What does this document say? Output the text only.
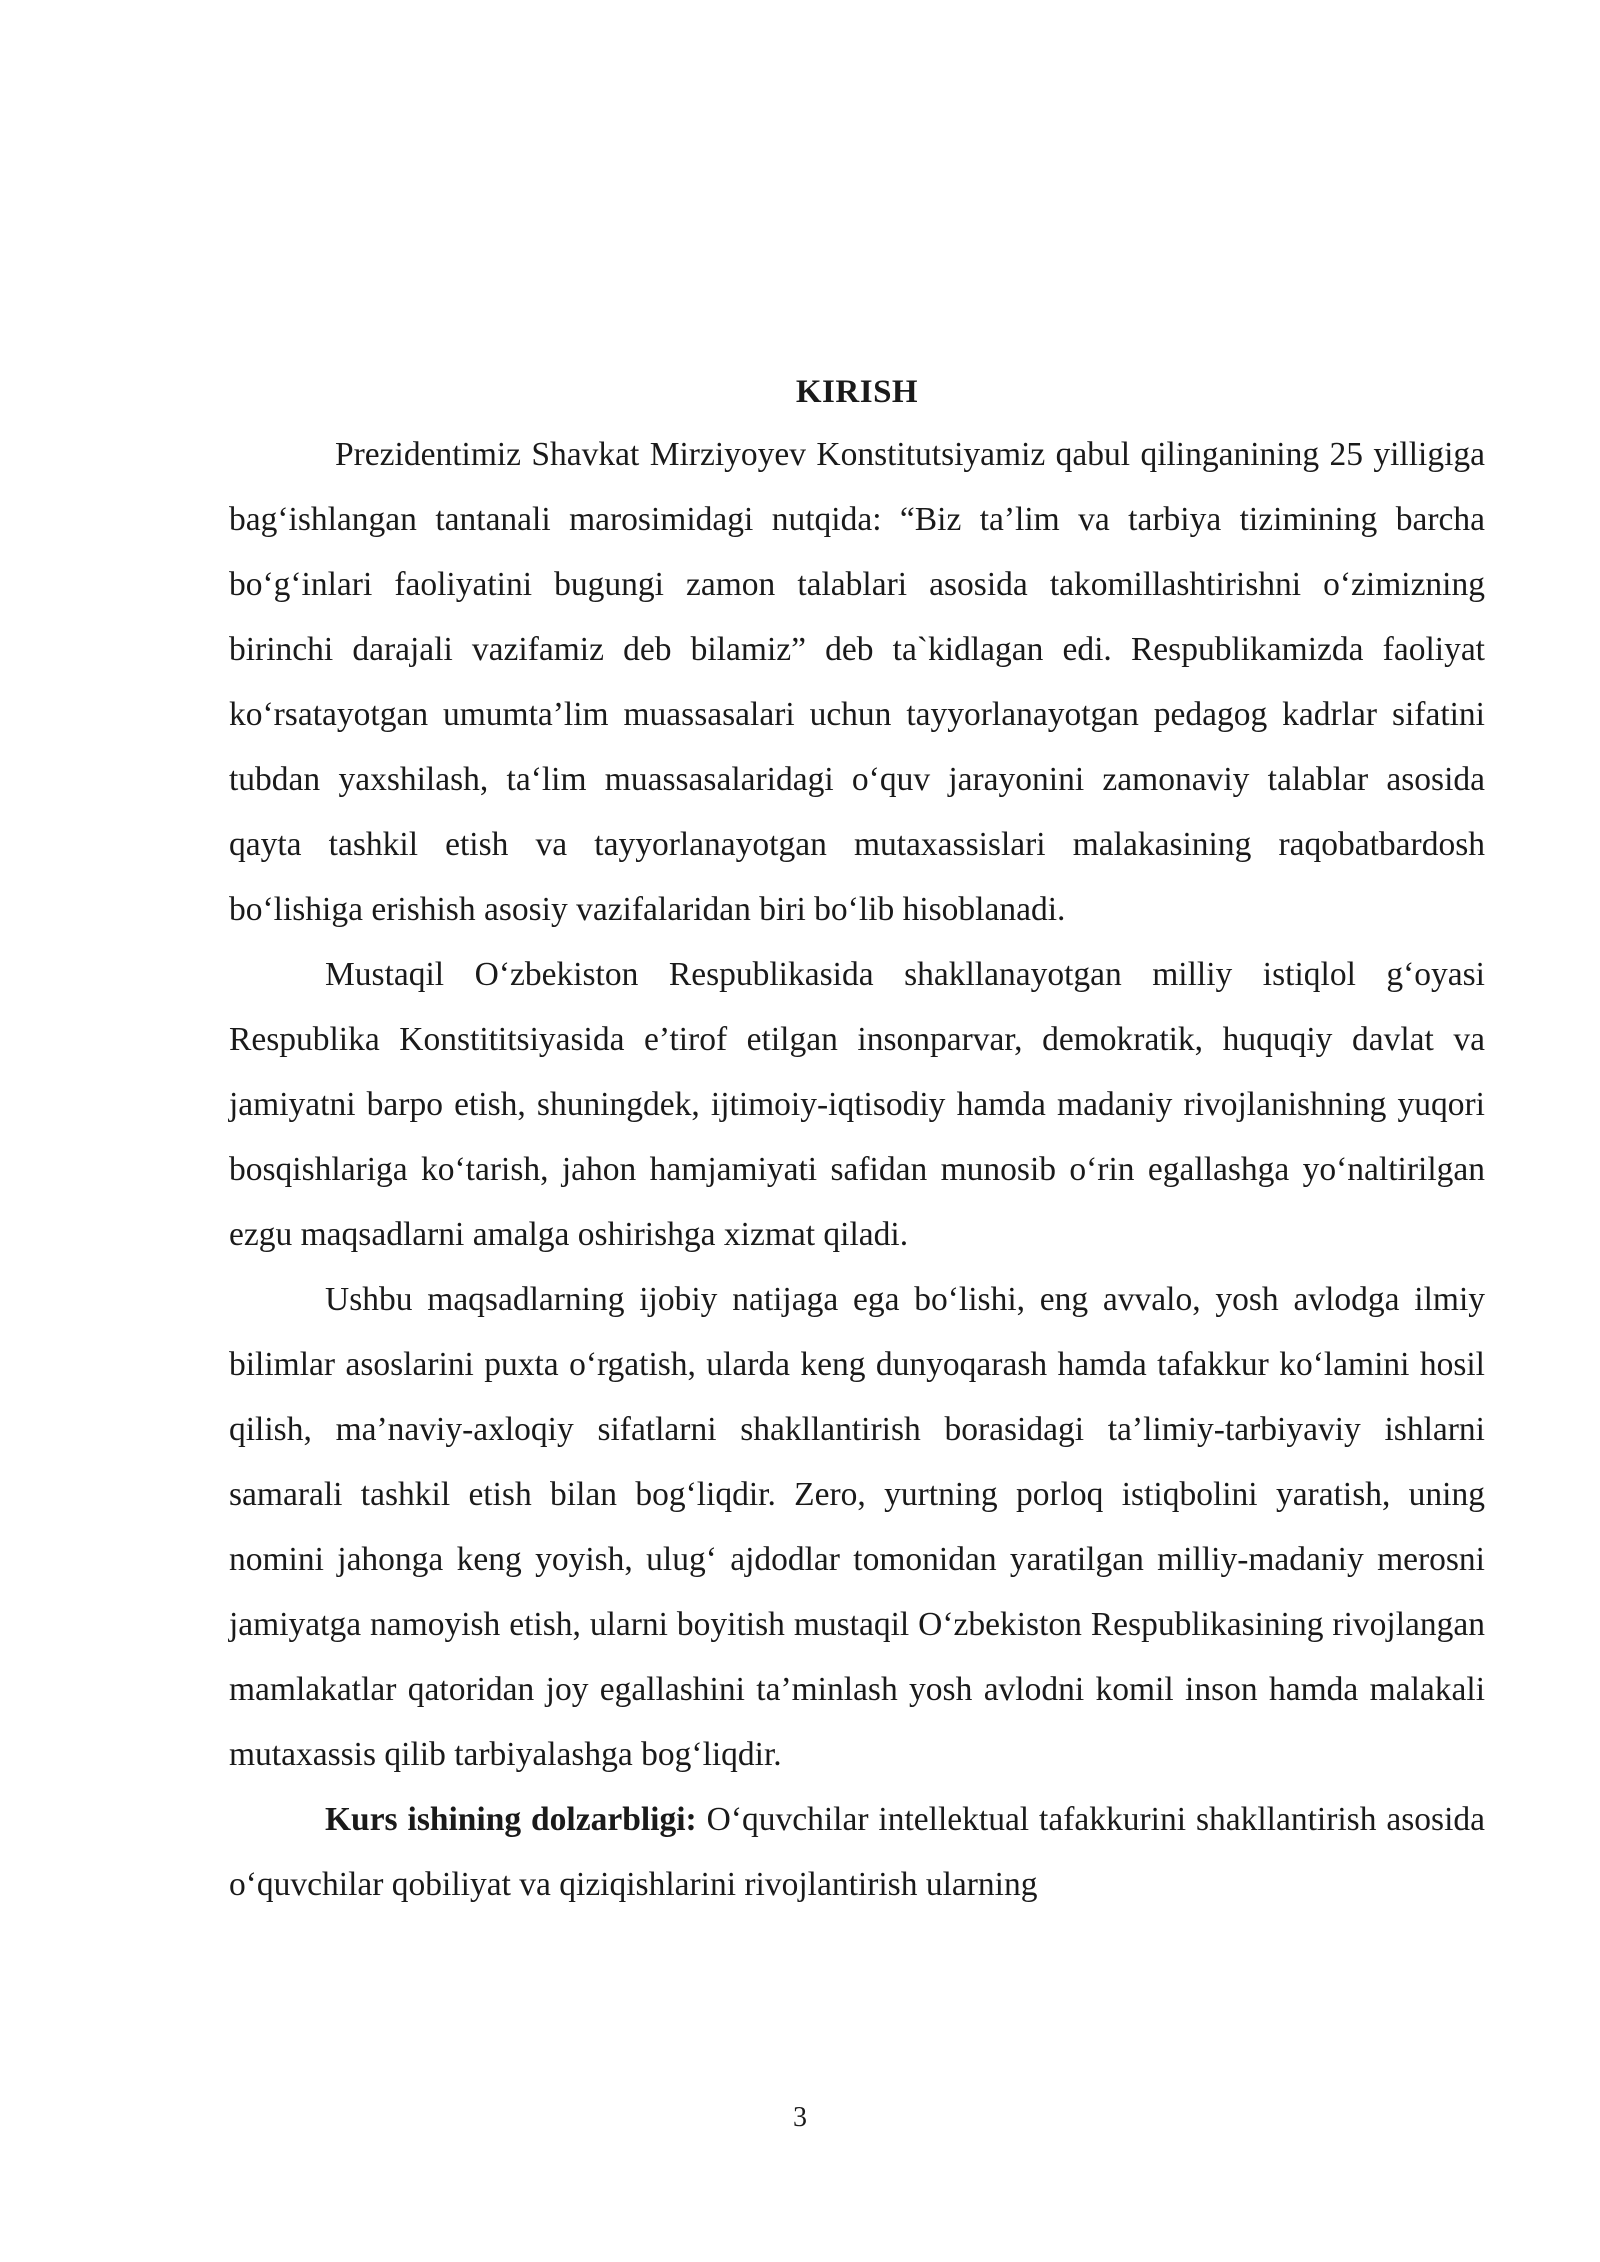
KIRISH

Prezidentimiz Shavkat Mirziyoyev Konstitutsiyamiz qabul qilinganining 25 yilligiga bag‘ishlangan tantanali marosimidagi nutqida: “Biz ta’lim va tarbiya tizimining barcha bo‘g‘inlari faoliyatini bugungi zamon talablari asosida takomillashtirishni o‘zimizning birinchi darajali vazifamiz deb bilamiz” deb ta`kidlagan edi. Respublikamizda faoliyat ko‘rsatayotgan umumta’lim muassasalari uchun tayyorlanayotgan pedagog kadrlar sifatini tubdan yaxshilash, ta‘lim muassasalaridagi o‘quv jarayonini zamonaviy talablar asosida qayta tashkil etish va tayyorlanayotgan mutaxassislari malakasining raqobatbardosh bo‘lishiga erishish asosiy vazifalaridan biri bo‘lib hisoblanadi.

Mustaqil O‘zbekiston Respublikasida shakllanayotgan milliy istiqlol g‘oyasi Respublika Konstititsiyasida e’tirof etilgan insonparvar, demokratik, huquqiy davlat va jamiyatni barpo etish, shuningdek, ijtimoiy-iqtisodiy hamda madaniy rivojlanishning yuqori bosqishlariga ko‘tarish, jahon hamjamiyati safidan munosib o‘rin egallashga yo‘naltirilgan ezgu maqsadlarni amalga oshirishga xizmat qiladi.

Ushbu maqsadlarning ijobiy natijaga ega bo‘lishi, eng avvalo, yosh avlodga ilmiy bilimlar asoslarini puxta o‘rgatish, ularda keng dunyoqarash hamda tafakkur ko‘lamini hosil qilish, ma’naviy-axloqiy sifatlarni shakllantirish borasidagi ta’limiy-tarbiyaviy ishlarni samarali tashkil etish bilan bog‘liqdir. Zero, yurtning porloq istiqbolini yaratish, uning nomini jahonga keng yoyish, ulug‘ ajdodlar tomonidan yaratilgan milliy-madaniy merosni jamiyatga namoyish etish, ularni boyitish mustaqil O‘zbekiston Respublikasining rivojlangan mamlakatlar qatoridan joy egallashini ta’minlash yosh avlodni komil inson hamda malakali mutaxassis qilib tarbiyalashga bog‘liqdir.

Kurs ishining dolzarbligi: O‘quvchilar intellektual tafakkurini shakllantirish asosida o‘quvchilar qobiliyat va qiziqishlarini rivojlantirish ularning

3
